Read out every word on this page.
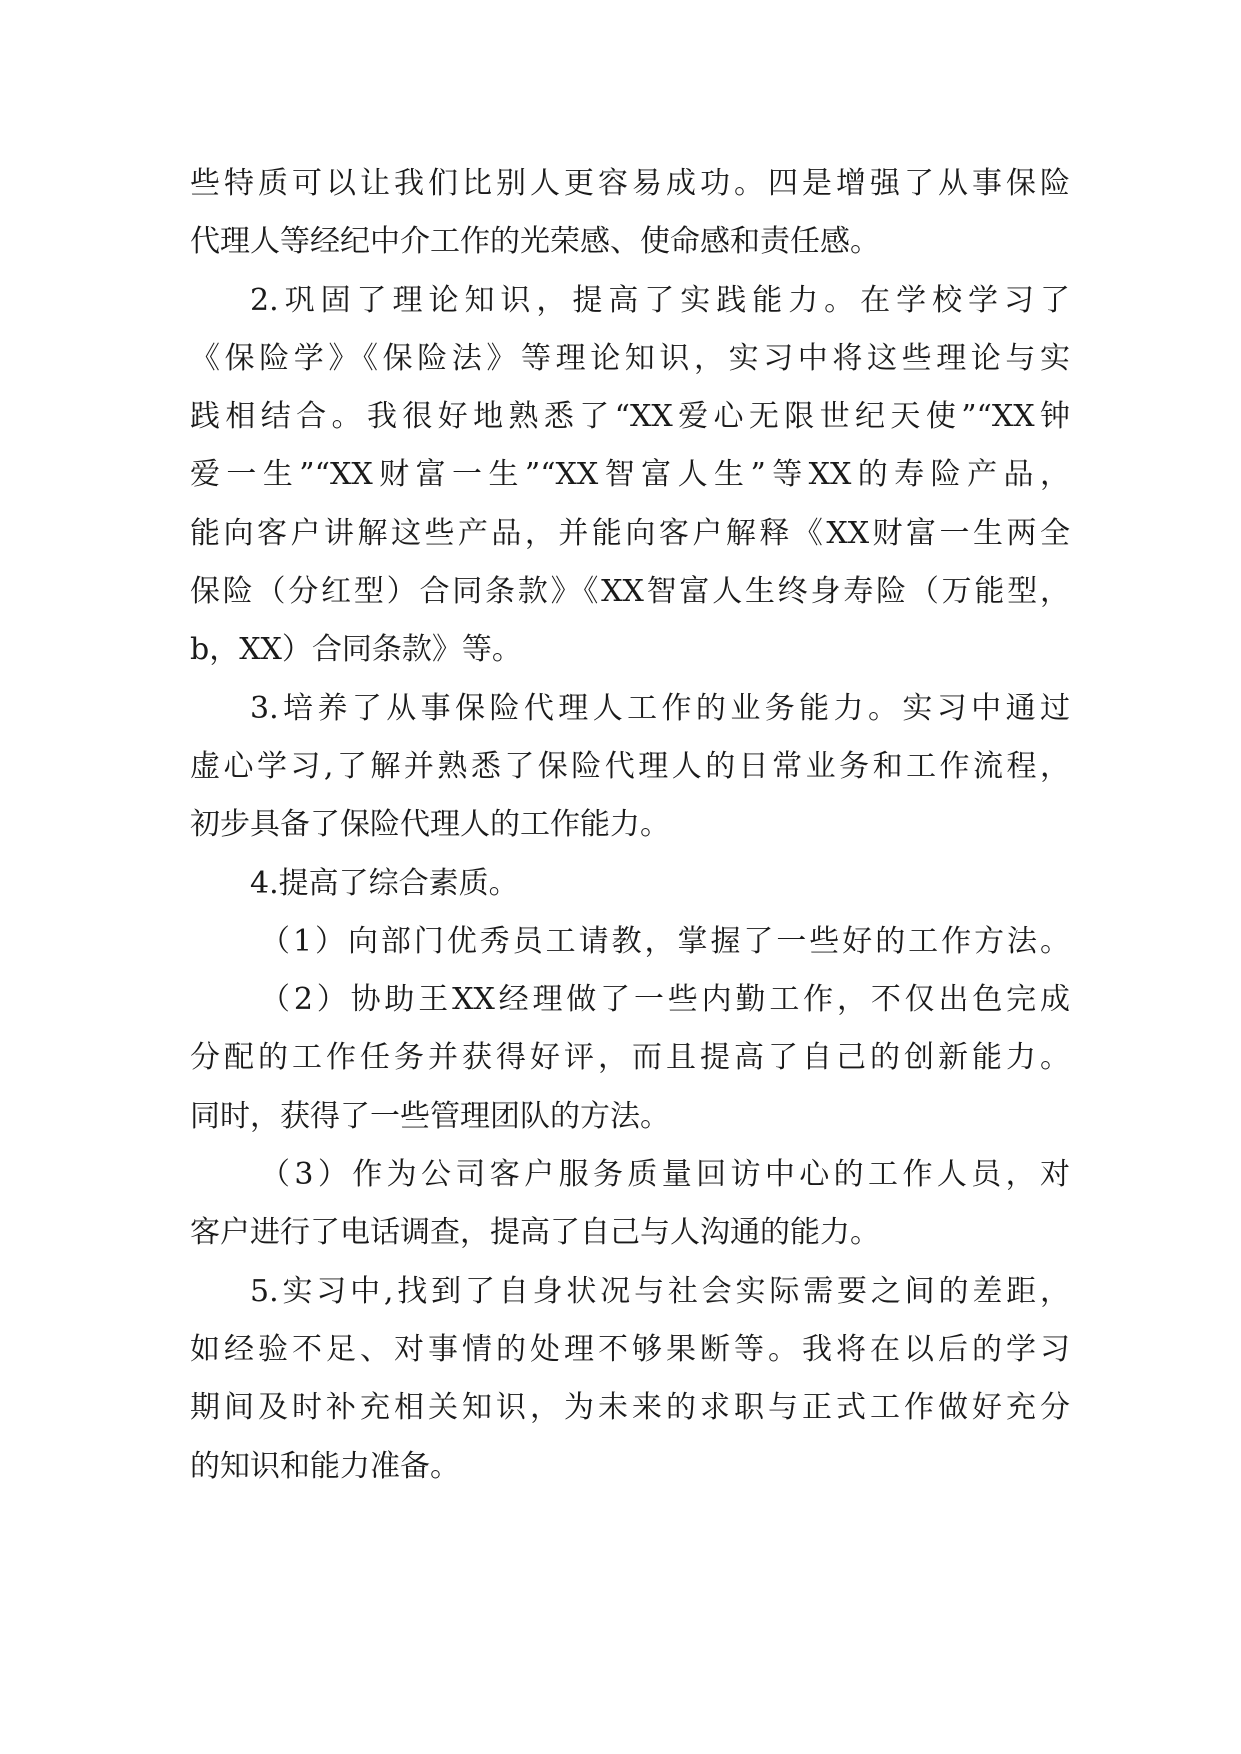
些特质可以让我们比别人更容易成功。四是增强了从事保险
代理人等经纪中介工作的光荣感、使命感和责任感。
2.巩固了理论知识，提高了实践能力。在学校学习了
《保险学》《保险法》等理论知识，实习中将这些理论与实
践相结合。我很好地熟悉了“XX爱心无限世纪天使”“XX钟
爱一生”“XX财富一生”“XX智富人生”等XX的寿险产品，
能向客户讲解这些产品，并能向客户解释《XX财富一生两全
保险（分红型）合同条款》《XX智富人生终身寿险（万能型，
b，XX）合同条款》等。
3.培养了从事保险代理人工作的业务能力。实习中通过
虚心学习,了解并熟悉了保险代理人的日常业务和工作流程，
初步具备了保险代理人的工作能力。
4.提高了综合素质。
（1）向部门优秀员工请教，掌握了一些好的工作方法。
（2）协助王XX经理做了一些内勤工作，不仅出色完成
分配的工作任务并获得好评，而且提高了自己的创新能力。
同时，获得了一些管理团队的方法。
（3）作为公司客户服务质量回访中心的工作人员，对
客户进行了电话调查，提高了自己与人沟通的能力。
5.实习中,找到了自身状况与社会实际需要之间的差距，
如经验不足、对事情的处理不够果断等。我将在以后的学习
期间及时补充相关知识，为未来的求职与正式工作做好充分
的知识和能力准备。
